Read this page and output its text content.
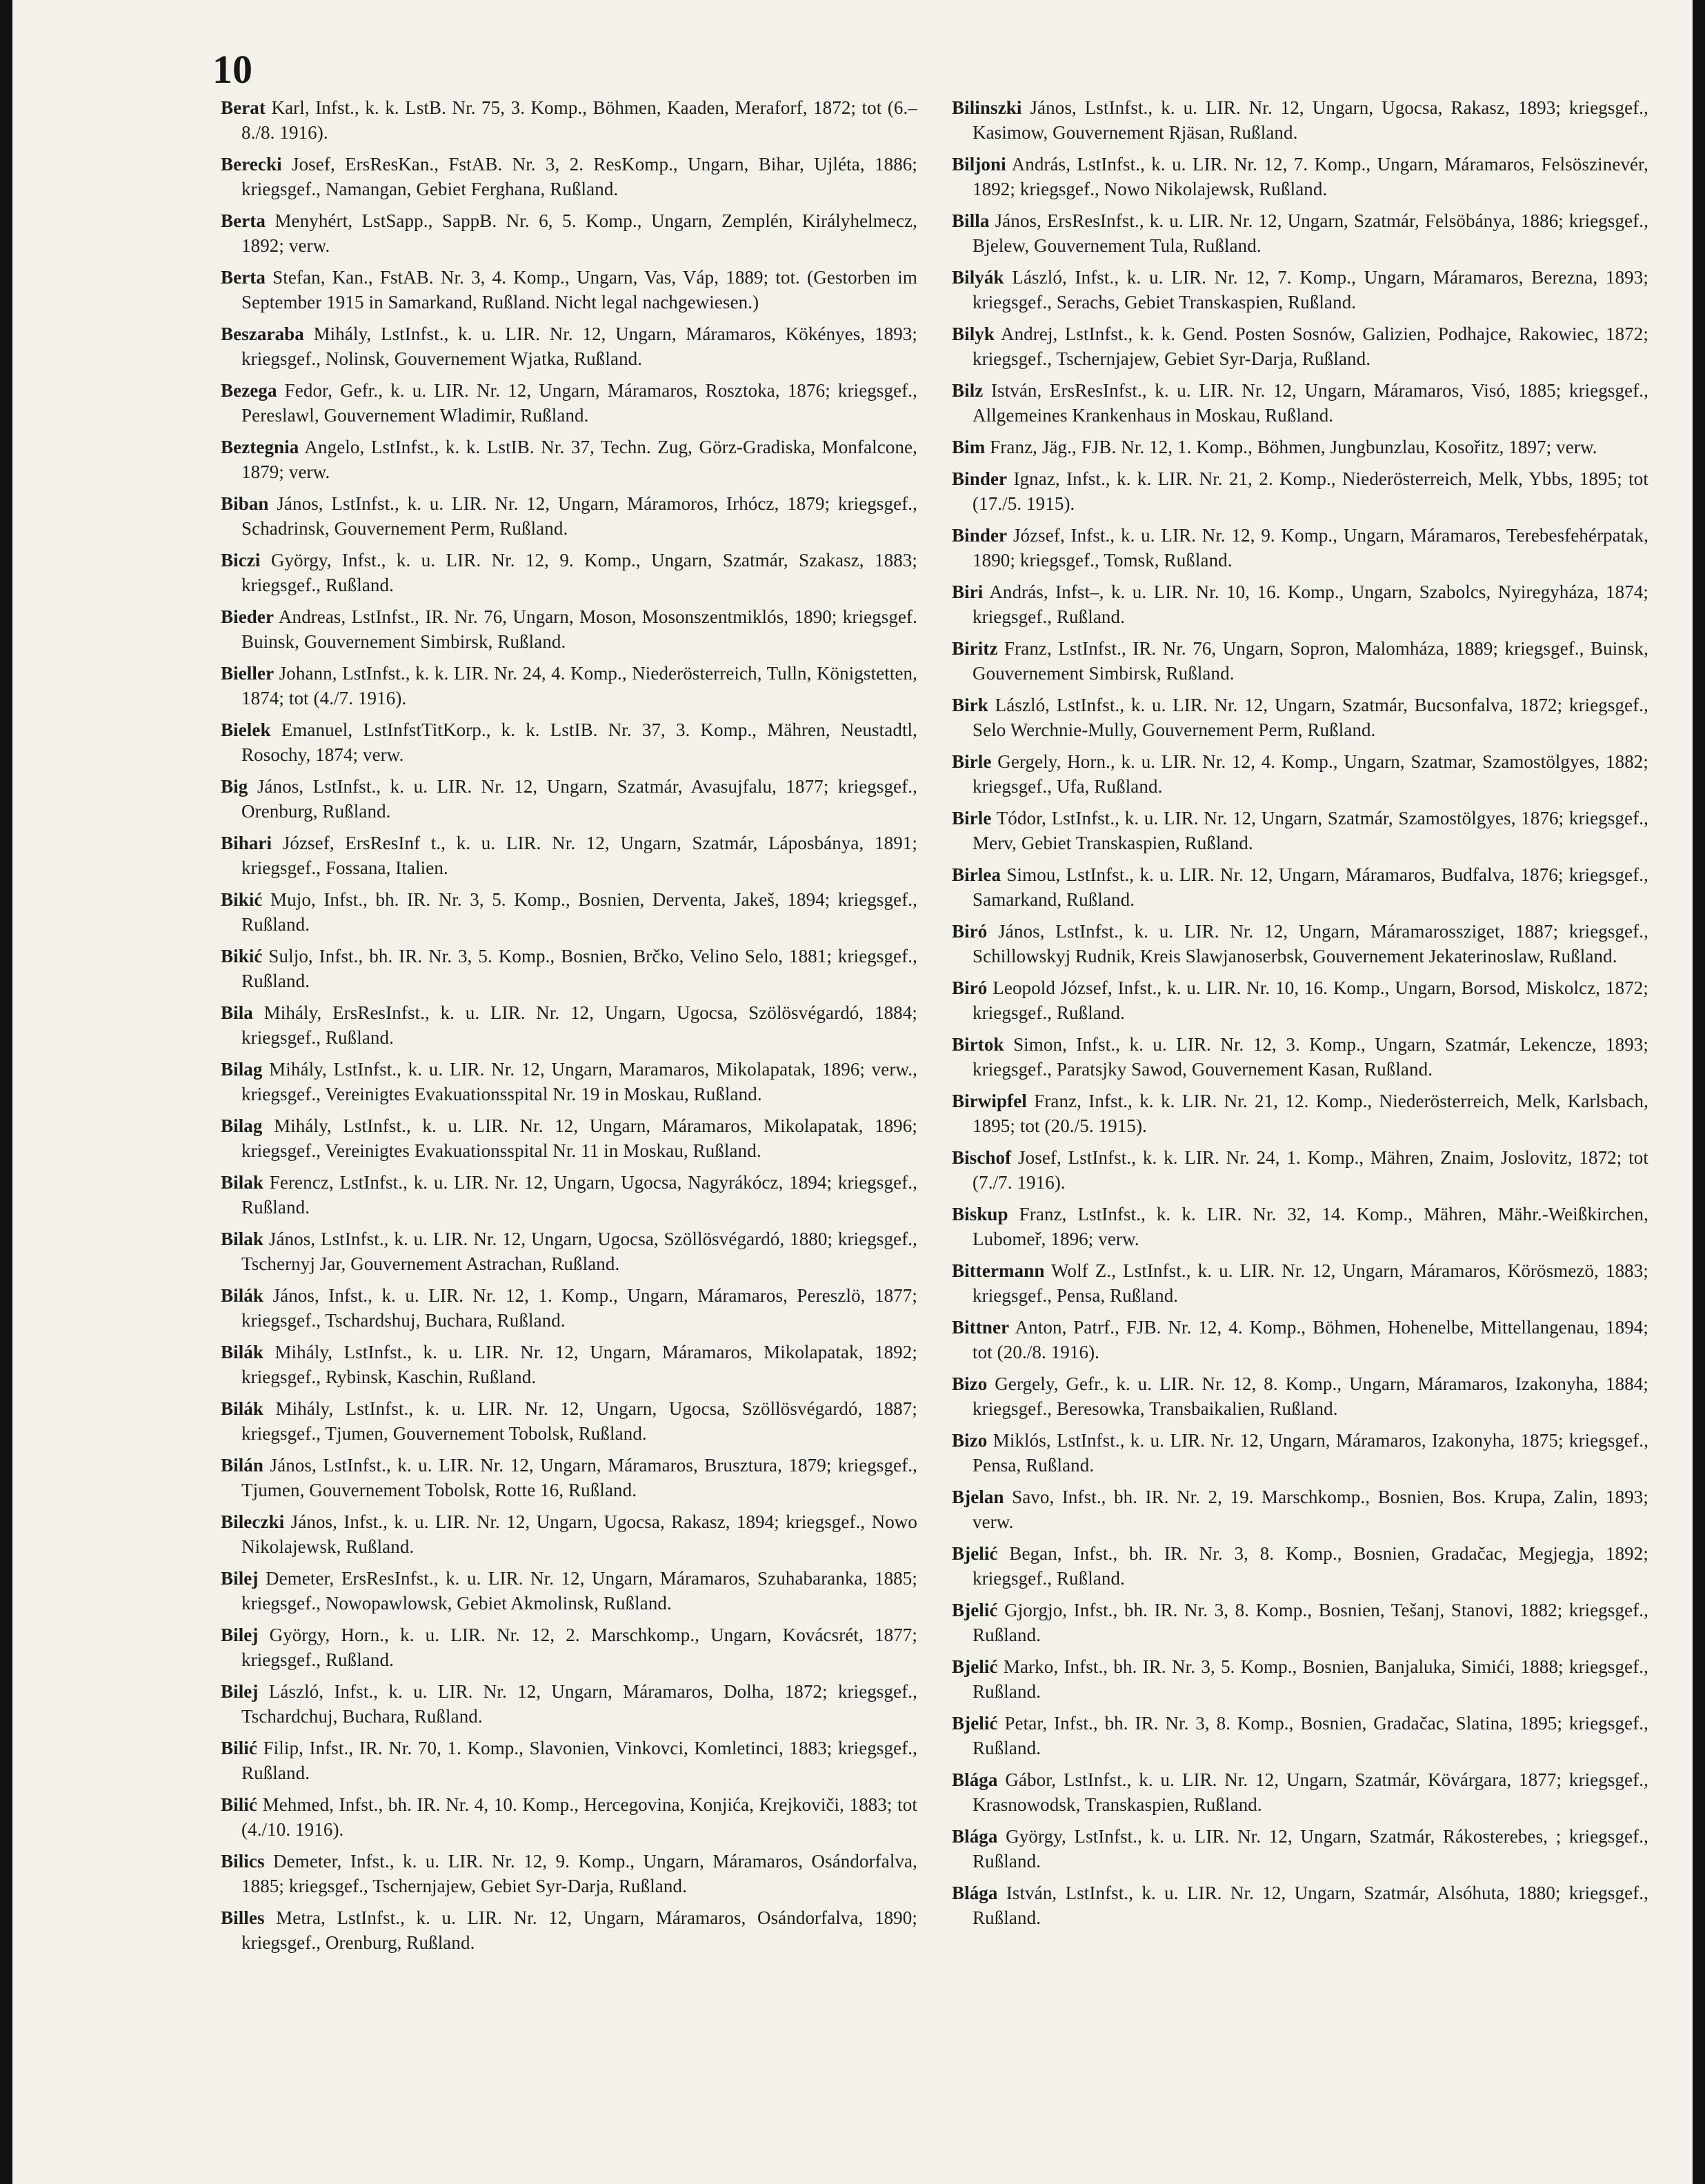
10

Berat Karl, Infst., k. k. LstB. Nr. 75, 3. Komp., Böhmen, Kaaden, Meraforf, 1872; tot (6.–8./8. 1916).

Berecki Josef, ErsResKan., FstAB. Nr. 3, 2. ResKomp., Ungarn, Bihar, Ujléta, 1886; kriegsgef., Namangan, Gebiet Ferghana, Rußland.

Berta Menyhért, LstSapp., SappB. Nr. 6, 5. Komp., Ungarn, Zemplén, Királyhelmecz, 1892; verw.

Berta Stefan, Kan., FstAB. Nr. 3, 4. Komp., Ungarn, Vas, Váp, 1889; tot. (Gestorben im September 1915 in Samarkand, Rußland. Nicht legal nachgewiesen.)

Beszaraba Mihály, LstInfst., k. u. LIR. Nr. 12, Ungarn, Máramaros, Kökényes, 1893; kriegsgef., Nolinsk, Gouvernement Wjatka, Rußland.

Bezega Fedor, Gefr., k. u. LIR. Nr. 12, Ungarn, Máramaros, Rosztoka, 1876; kriegsgef., Pereslawl, Gouvernement Wladimir, Rußland.

Beztegnia Angelo, LstInfst., k. k. LstIB. Nr. 37, Techn. Zug, Görz-Gradiska, Monfalcone, 1879; verw.

Biban János, LstInfst., k. u. LIR. Nr. 12, Ungarn, Máramoros, Irhócz, 1879; kriegsgef., Schadrinsk, Gouvernement Perm, Rußland.

Biczi György, Infst., k. u. LIR. Nr. 12, 9. Komp., Ungarn, Szatmár, Szakasz, 1883; kriegsgef., Rußland.

Bieder Andreas, LstInfst., IR. Nr. 76, Ungarn, Moson, Mosonszentmiklós, 1890; kriegsgef. Buinsk, Gouvernement Simbirsk, Rußland.

Bieller Johann, LstInfst., k. k. LIR. Nr. 24, 4. Komp., Niederösterreich, Tulln, Königstetten, 1874; tot (4./7. 1916).

Bielek Emanuel, LstInfstTitKorp., k. k. LstIB. Nr. 37, 3. Komp., Mähren, Neustadtl, Rosochy, 1874; verw.

Big János, LstInfst., k. u. LIR. Nr. 12, Ungarn, Szatmár, Avasujfalu, 1877; kriegsgef., Orenburg, Rußland.

Bihari József, ErsResInf t., k. u. LIR. Nr. 12, Ungarn, Szatmár, Láposbánya, 1891; kriegsgef., Fossana, Italien.

Bikić Mujo, Infst., bh. IR. Nr. 3, 5. Komp., Bosnien, Derventa, Jakeš, 1894; kriegsgef., Rußland.

Bikić Suljo, Infst., bh. IR. Nr. 3, 5. Komp., Bosnien, Brčko, Velino Selo, 1881; kriegsgef., Rußland.

Bila Mihály, ErsResInfst., k. u. LIR. Nr. 12, Ungarn, Ugocsa, Szölösvégardó, 1884; kriegsgef., Rußland.

Bilag Mihály, LstInfst., k. u. LIR. Nr. 12, Ungarn, Maramaros, Mikolapatak, 1896; verw., kriegsgef., Vereinigtes Evakuationsspital Nr. 19 in Moskau, Rußland.

Bilag Mihály, LstInfst., k. u. LIR. Nr. 12, Ungarn, Máramaros, Mikolapatak, 1896; kriegsgef., Vereinigtes Evakuationsspital Nr. 11 in Moskau, Rußland.

Bilak Ferencz, LstInfst., k. u. LIR. Nr. 12, Ungarn, Ugocsa, Nagyrákócz, 1894; kriegsgef., Rußland.

Bilak János, LstInfst., k. u. LIR. Nr. 12, Ungarn, Ugocsa, Szöllösvégardó, 1880; kriegsgef., Tschernyj Jar, Gouvernement Astrachan, Rußland.

Bilák János, Infst., k. u. LIR. Nr. 12, 1. Komp., Ungarn, Máramaros, Pereszlö, 1877; kriegsgef., Tschardshuj, Buchara, Rußland.

Bilák Mihály, LstInfst., k. u. LIR. Nr. 12, Ungarn, Máramaros, Mikolapatak, 1892; kriegsgef., Rybinsk, Kaschin, Rußland.

Bilák Mihály, LstInfst., k. u. LIR. Nr. 12, Ungarn, Ugocsa, Szöllösvégardó, 1887; kriegsgef., Tjumen, Gouvernement Tobolsk, Rußland.

Bilán János, LstInfst., k. u. LIR. Nr. 12, Ungarn, Máramaros, Brusztura, 1879; kriegsgef., Tjumen, Gouvernement Tobolsk, Rotte 16, Rußland.

Bileczki János, Infst., k. u. LIR. Nr. 12, Ungarn, Ugocsa, Rakasz, 1894; kriegsgef., Nowo Nikolajewsk, Rußland.

Bilej Demeter, ErsResInfst., k. u. LIR. Nr. 12, Ungarn, Máramaros, Szuhabaranka, 1885; kriegsgef., Nowopawlowsk, Gebiet Akmolinsk, Rußland.

Bilej György, Horn., k. u. LIR. Nr. 12, 2. Marschkomp., Ungarn, Kovácsrét, 1877; kriegsgef., Rußland.

Bilej László, Infst., k. u. LIR. Nr. 12, Ungarn, Máramaros, Dolha, 1872; kriegsgef., Tschardchuj, Buchara, Rußland.

Bilić Filip, Infst., IR. Nr. 70, 1. Komp., Slavonien, Vinkovci, Komletinci, 1883; kriegsgef., Rußland.

Bilić Mehmed, Infst., bh. IR. Nr. 4, 10. Komp., Hercegovina, Konjića, Krejkoviči, 1883; tot (4./10. 1916).

Bilics Demeter, Infst., k. u. LIR. Nr. 12, 9. Komp., Ungarn, Máramaros, Osándorfalva, 1885; kriegsgef., Tschernjajew, Gebiet Syr-Darja, Rußland.

Billes Metra, LstInfst., k. u. LIR. Nr. 12, Ungarn, Máramaros, Osándorfalva, 1890; kriegsgef., Orenburg, Rußland.

Bilinszki János, LstInfst., k. u. LIR. Nr. 12, Ungarn, Ugocsa, Rakasz, 1893; kriegsgef., Kasimow, Gouvernement Rjäsan, Rußland.

Biljoni András, LstInfst., k. u. LIR. Nr. 12, 7. Komp., Ungarn, Máramaros, Felsöszinevér, 1892; kriegsgef., Nowo Nikolajewsk, Rußland.

Billa János, ErsResInfst., k. u. LIR. Nr. 12, Ungarn, Szatmár, Felsöbánya, 1886; kriegsgef., Bjelew, Gouvernement Tula, Rußland.

Bilyák László, Infst., k. u. LIR. Nr. 12, 7. Komp., Ungarn, Máramaros, Berezna, 1893; kriegsgef., Serachs, Gebiet Transkaspien, Rußland.

Bilyk Andrej, LstInfst., k. k. Gend. Posten Sosnów, Galizien, Podhajce, Rakowiec, 1872; kriegsgef., Tschernjajew, Gebiet Syr-Darja, Rußland.

Bilz István, ErsResInfst., k. u. LIR. Nr. 12, Ungarn, Máramaros, Visó, 1885; kriegsgef., Allgemeines Krankenhaus in Moskau, Rußland.

Bim Franz, Jäg., FJB. Nr. 12, 1. Komp., Böhmen, Jungbunzlau, Kosořitz, 1897; verw.

Binder Ignaz, Infst., k. k. LIR. Nr. 21, 2. Komp., Niederösterreich, Melk, Ybbs, 1895; tot (17./5. 1915).

Binder József, Infst., k. u. LIR. Nr. 12, 9. Komp., Ungarn, Máramaros, Terebesfehérpatak, 1890; kriegsgef., Tomsk, Rußland.

Biri András, Infst–, k. u. LIR. Nr. 10, 16. Komp., Ungarn, Szabolcs, Nyiregyháza, 1874; kriegsgef., Rußland.

Biritz Franz, LstInfst., IR. Nr. 76, Ungarn, Sopron, Malomháza, 1889; kriegsgef., Buinsk, Gouvernement Simbirsk, Rußland.

Birk László, LstInfst., k. u. LIR. Nr. 12, Ungarn, Szatmár, Bucsonfalva, 1872; kriegsgef., Selo Werchnie-Mully, Gouvernement Perm, Rußland.

Birle Gergely, Horn., k. u. LIR. Nr. 12, 4. Komp., Ungarn, Szatmar, Szamostölgyes, 1882; kriegsgef., Ufa, Rußland.

Birle Tódor, LstInfst., k. u. LIR. Nr. 12, Ungarn, Szatmár, Szamostölgyes, 1876; kriegsgef., Merv, Gebiet Transkaspien, Rußland.

Birlea Simou, LstInfst., k. u. LIR. Nr. 12, Ungarn, Máramaros, Budfalva, 1876; kriegsgef., Samarkand, Rußland.

Biró János, LstInfst., k. u. LIR. Nr. 12, Ungarn, Máramarossziget, 1887; kriegsgef., Schillowskyj Rudnik, Kreis Slawjanoserbsk, Gouvernement Jekaterinoslaw, Rußland.

Biró Leopold József, Infst., k. u. LIR. Nr. 10, 16. Komp., Ungarn, Borsod, Miskolcz, 1872; kriegsgef., Rußland.

Birtok Simon, Infst., k. u. LIR. Nr. 12, 3. Komp., Ungarn, Szatmár, Lekencze, 1893; kriegsgef., Paratsjky Sawod, Gouvernement Kasan, Rußland.

Birwipfel Franz, Infst., k. k. LIR. Nr. 21, 12. Komp., Niederösterreich, Melk, Karlsbach, 1895; tot (20./5. 1915).

Bischof Josef, LstInfst., k. k. LIR. Nr. 24, 1. Komp., Mähren, Znaim, Joslovitz, 1872; tot (7./7. 1916).

Biskup Franz, LstInfst., k. k. LIR. Nr. 32, 14. Komp., Mähren, Mähr.-Weißkirchen, Lubomeř, 1896; verw.

Bittermann Wolf Z., LstInfst., k. u. LIR. Nr. 12, Ungarn, Máramaros, Körösmezö, 1883; kriegsgef., Pensa, Rußland.

Bittner Anton, Patrf., FJB. Nr. 12, 4. Komp., Böhmen, Hohenelbe, Mittellangenau, 1894; tot (20./8. 1916).

Bizo Gergely, Gefr., k. u. LIR. Nr. 12, 8. Komp., Ungarn, Máramaros, Izakonyha, 1884; kriegsgef., Beresowka, Transbaikalien, Rußland.

Bizo Miklós, LstInfst., k. u. LIR. Nr. 12, Ungarn, Máramaros, Izakonyha, 1875; kriegsgef., Pensa, Rußland.

Bjelan Savo, Infst., bh. IR. Nr. 2, 19. Marschkomp., Bosnien, Bos. Krupa, Zalin, 1893; verw.

Bjelić Began, Infst., bh. IR. Nr. 3, 8. Komp., Bosnien, Gradačac, Megjegja, 1892; kriegsgef., Rußland.

Bjelić Gjorgjo, Infst., bh. IR. Nr. 3, 8. Komp., Bosnien, Tešanj, Stanovi, 1882; kriegsgef., Rußland.

Bjelić Marko, Infst., bh. IR. Nr. 3, 5. Komp., Bosnien, Banjaluka, Simići, 1888; kriegsgef., Rußland.

Bjelić Petar, Infst., bh. IR. Nr. 3, 8. Komp., Bosnien, Gradačac, Slatina, 1895; kriegsgef., Rußland.

Blága Gábor, LstInfst., k. u. LIR. Nr. 12, Ungarn, Szatmár, Kövárgara, 1877; kriegsgef., Krasnowodsk, Transkaspien, Rußland.

Blága György, LstInfst., k. u. LIR. Nr. 12, Ungarn, Szatmár, Rákosterebes, ; kriegsgef., Rußland.

Blága István, LstInfst., k. u. LIR. Nr. 12, Ungarn, Szatmár, Alsóhuta, 1880; kriegsgef., Rußland.
